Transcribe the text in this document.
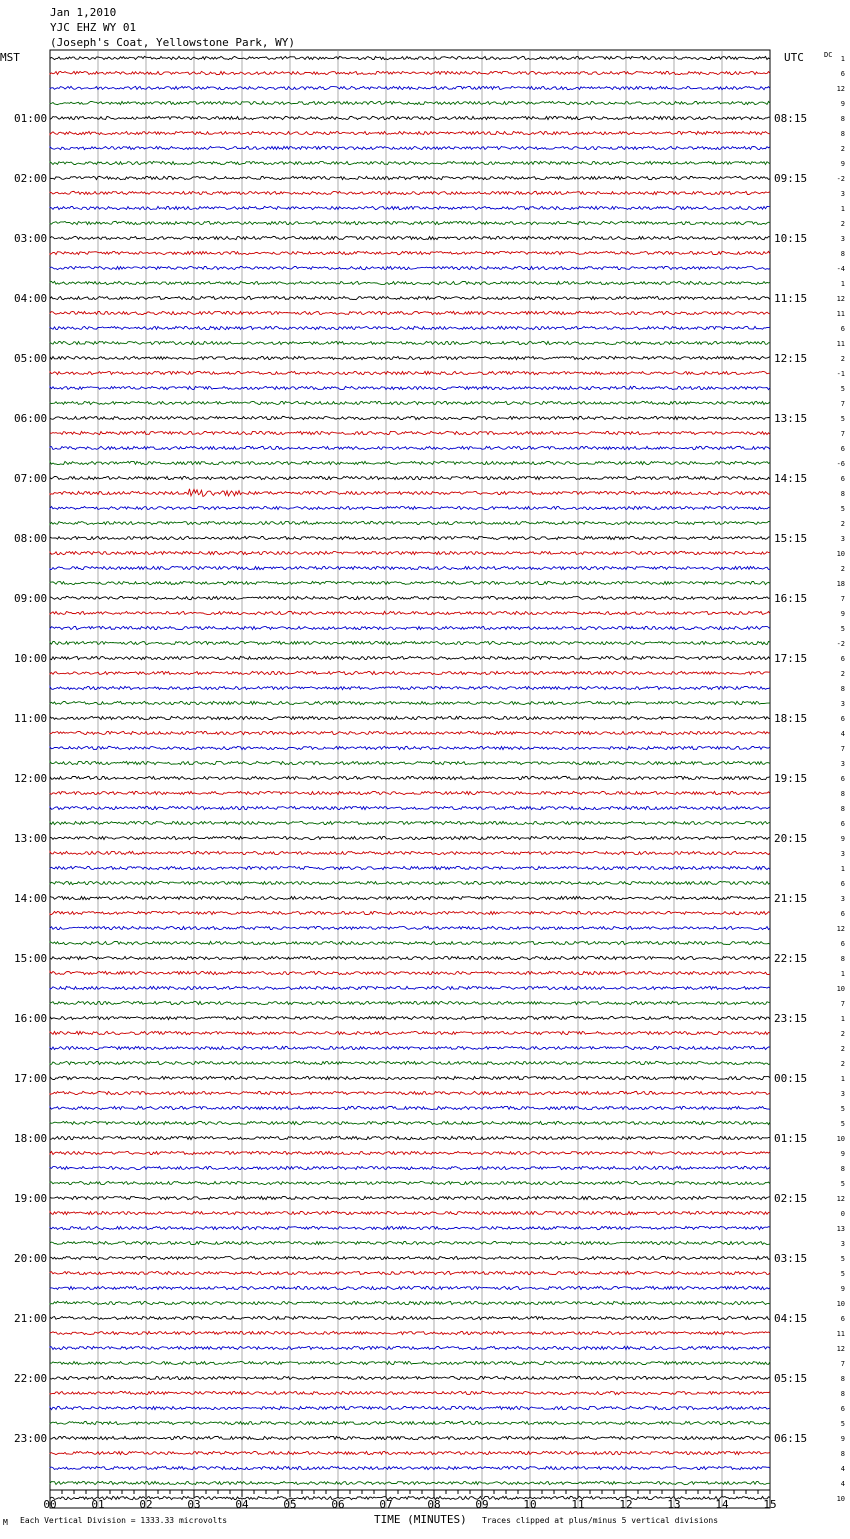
Jan 1,2010
YJC EHZ WY 01
(Joseph's Coat, Yellowstone Park, WY)
MST	UTC	DC
01:00
02:00
03:00
04:00
05:00
06:00
07:00
08:00
09:00
10:00
11:00
12:00
13:00
14:00
15:00
16:00
17:00
18:00
19:00
20:00
21:00
22:00
23:00
08:15
09:15
10:15
11:15
12:15
13:15
14:15
15:15
16:15
17:15
18:15
19:15
20:15
21:15
22:15
23:15
00:15
01:15
02:15
03:15
04:15
05:15
06:15
1
6
12
9
8
8
2
9
-2
3
1
2
3
8
-4
1
12
11
6
11
2
-1
5
7
5
7
6
-6
6
8
5
2
3
10
2
18
7
9
5
-2
6
2
8
3
6
4
7
3
6
8
8
6
9
3
1
6
3
6
12
6
8
1
10
7
1
2
2
2
1
3
5
5
10
9
8
5
12
0
13
3
5
5
9
10
6
11
12
7
8
8
6
5
9
8
4
4
10
00	01	02	03	04	05	06	07	08	09	10	11	12	13	14	15
M Each Vertical Division = 1333.33 microvolts	TIME (MINUTES) Traces clipped at plus/minus 5 vertical divisions
